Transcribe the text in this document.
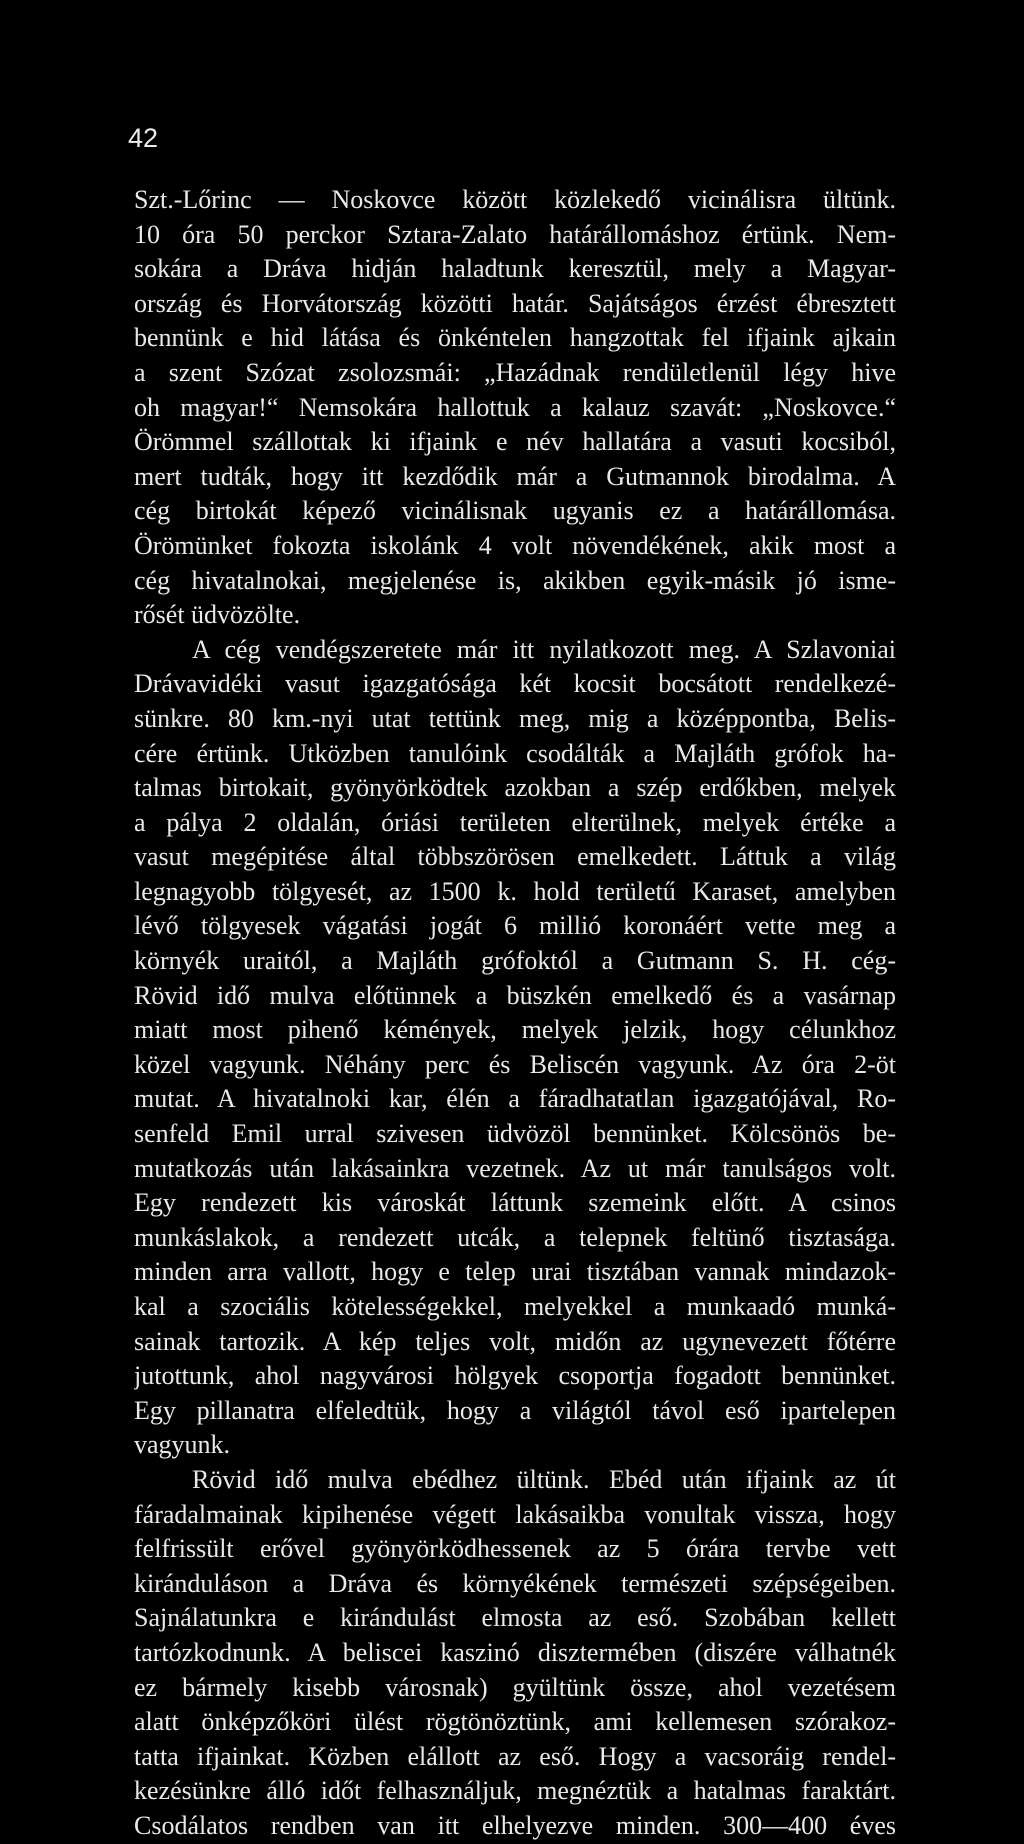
42
Szt.-Lőrinc — Noskovce között közlekedő vicinálisra ültünk.
10 óra 50 perckor Sztara-Zalato határállomáshoz értünk. Nem-
sokára a Dráva hidján haladtunk keresztül, mely a Magyar-
ország és Horvátország közötti határ. Sajátságos érzést ébresztett
bennünk e hid látása és önkéntelen hangzottak fel ifjaink ajkain
a szent Szózat zsolozsmái: „Hazádnak rendületlenül légy hive
oh magyar!“ Nemsokára hallottuk a kalauz szavát: „Noskovce.“
Örömmel szállottak ki ifjaink e név hallatára a vasuti kocsiból,
mert tudták, hogy itt kezdődik már a Gutmannok birodalma. A
cég birtokát képező vicinálisnak ugyanis ez a határállomása.
Örömünket fokozta iskolánk 4 volt növendékének, akik most a
cég hivatalnokai, megjelenése is, akikben egyik-másik jó isme-
rősét üdvözölte.
A cég vendégszeretete már itt nyilatkozott meg. A Szlavoniai
Drávavidéki vasut igazgatósága két kocsit bocsátott rendelkezé-
sünkre. 80 km.-nyi utat tettünk meg, mig a középpontba, Belis-
cére értünk. Utközben tanulóink csodálták a Majláth grófok ha-
talmas birtokait, gyönyörködtek azokban a szép erdőkben, melyek
a pálya 2 oldalán, óriási területen elterülnek, melyek értéke a
vasut megépitése által többszörösen emelkedett. Láttuk a világ
legnagyobb tölgyesét, az 1500 k. hold területű Karaset, amelyben
lévő tölgyesek vágatási jogát 6 millió koronáért vette meg a
környék uraitól, a Majláth grófoktól a Gutmann S. H. cég-
Rövid idő mulva előtünnek a büszkén emelkedő és a vasárnap
miatt most pihenő kémények, melyek jelzik, hogy célunkhoz
közel vagyunk. Néhány perc és Beliscén vagyunk. Az óra 2-öt
mutat. A hivatalnoki kar, élén a fáradhatatlan igazgatójával, Ro-
senfeld Emil urral szivesen üdvözöl bennünket. Kölcsönös be-
mutatkozás után lakásainkra vezetnek. Az ut már tanulságos volt.
Egy rendezett kis városkát láttunk szemeink előtt. A csinos
munkáslakok, a rendezett utcák, a telepnek feltünő tisztasága.
minden arra vallott, hogy e telep urai tisztában vannak mindazok-
kal a szociális kötelességekkel, melyekkel a munkaadó munká-
sainak tartozik. A kép teljes volt, midőn az ugynevezett főtérre
jutottunk, ahol nagyvárosi hölgyek csoportja fogadott bennünket.
Egy pillanatra elfeledtük, hogy a világtól távol eső ipartelepen
vagyunk.
Rövid idő mulva ebédhez ültünk. Ebéd után ifjaink az út
fáradalmainak kipihenése végett lakásaikba vonultak vissza, hogy
felfrissült erővel gyönyörködhessenek az 5 órára tervbe vett
kiránduláson a Dráva és környékének természeti szépségeiben.
Sajnálatunkra e kirándulást elmosta az eső. Szobában kellett
tartózkodnunk. A beliscei kaszinó disztermében (diszére válhatnék
ez bármely kisebb városnak) gyültünk össze, ahol vezetésem
alatt önképzőköri ülést rögtönöztünk, ami kellemesen szórakoz-
tatta ifjainkat. Közben elállott az eső. Hogy a vacsoráig rendel-
kezésünkre álló időt felhasználjuk, megnéztük a hatalmas faraktárt.
Csodálatos rendben van itt elhelyezve minden. 300—400 éves
